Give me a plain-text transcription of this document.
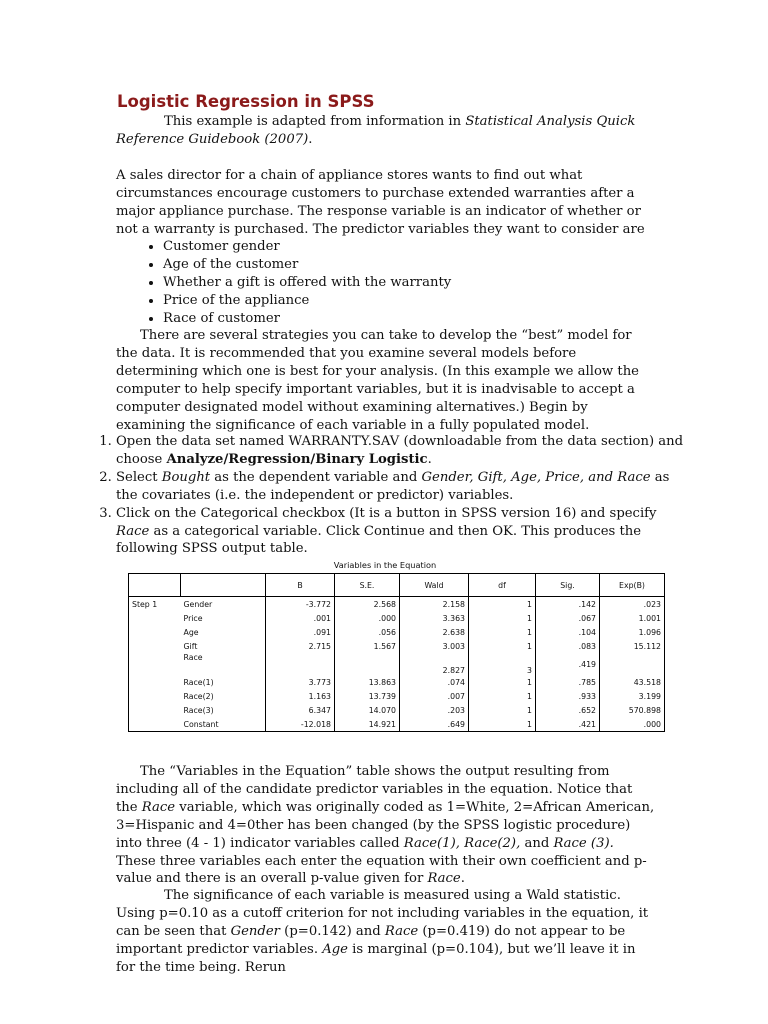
Logistic Regression in SPSS

This example is adapted from information in Statistical Analysis Quick Reference Guidebook (2007).

A sales director for a chain of appliance stores wants to find out what circumstances encourage customers to purchase extended warranties after a major appliance purchase. The response variable is an indicator of whether or not a warranty is purchased. The predictor variables they want to consider are

• Customer gender
• Age of the customer
• Whether a gift is offered with the warranty
• Price of the appliance
• Race of customer

There are several strategies you can take to develop the “best” model for the data. It is recommended that you examine several models before determining which one is best for your analysis. (In this example we allow the computer to help specify important variables, but it is inadvisable to accept a computer designated model without examining alternatives.) Begin by examining the significance of each variable in a fully populated model.

1. Open the data set named WARRANTY.SAV (downloadable from the data section) and choose Analyze/Regression/Binary Logistic.
2. Select Bought as the dependent variable and Gender, Gift, Age, Price, and Race as the covariates (i.e. the independent or predictor) variables.
3. Click on the Categorical checkbox (It is a button in SPSS version 16) and specify Race as a categorical variable. Click Continue and then OK. This produces the following SPSS output table.
Variables in the Equation
		B	S.E.	Wald	df	Sig.	Exp(B)
Step 1	Gender	-3.772	2.568	2.158	1	.142	.023
	Price	.001	.000	3.363	1	.067	1.001
	Age	.091	.056	2.638	1	.104	1.096
	Gift	2.715	1.567	3.003	1	.083	15.112
	Race			2.827	3	.419	
	Race(1)	3.773	13.863	.074	1	.785	43.518
	Race(2)	1.163	13.739	.007	1	.933	3.199
	Race(3)	6.347	14.070	.203	1	.652	570.898
	Constant	-12.018	14.921	.649	1	.421	.000

The “Variables in the Equation” table shows the output resulting from including all of the candidate predictor variables in the equation. Notice that the Race variable, which was originally coded as 1=White, 2=African American, 3=Hispanic and 4=0ther has been changed (by the SPSS logistic procedure) into three (4 - 1) indicator variables called Race(1), Race(2), and Race (3). These three variables each enter the equation with their own coefficient and p-value and there is an overall p-value given for Race.

The significance of each variable is measured using a Wald statistic. Using p=0.10 as a cutoff criterion for not including variables in the equation, it can be seen that Gender (p=0.142) and Race (p=0.419) do not appear to be important predictor variables. Age is marginal (p=0.104), but we’ll leave it in for the time being. Rerun
